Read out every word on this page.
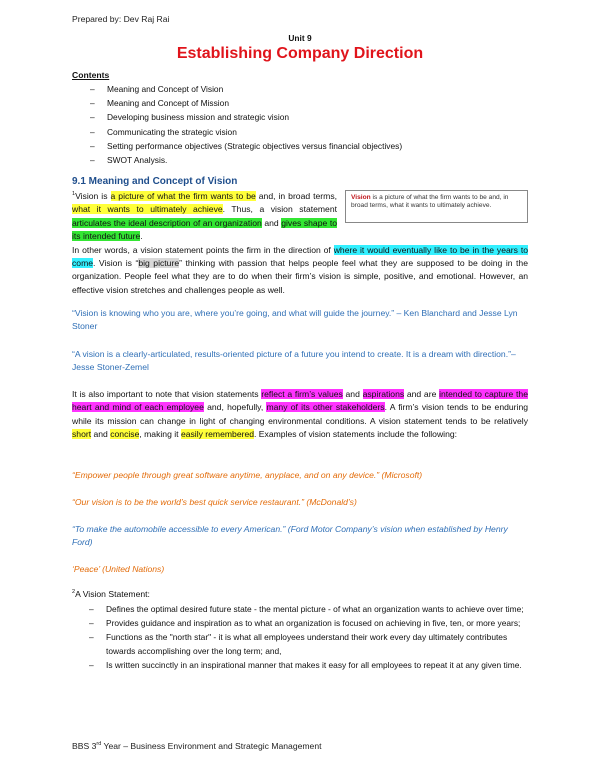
Prepared by: Dev Raj Rai
Unit 9
Establishing Company Direction
Contents
– Meaning and Concept of Vision
– Meaning and Concept of Mission
– Developing business mission and strategic vision
– Communicating the strategic vision
– Setting performance objectives (Strategic objectives versus financial objectives)
– SWOT Analysis.
9.1 Meaning and Concept of Vision
$^1$Vision is a picture of what the firm wants to be and, in broad terms, what it wants to ultimately achieve. Thus, a vision statement articulates the ideal description of an organization and gives shape to its intended future.
In other words, a vision statement points the firm in the direction of where it would eventually like to be in the years to come. Vision is “big picture” thinking with passion that helps people feel what they are supposed to be doing in the organization. People feel what they are to do when their firm’s vision is simple, positive, and emotional. However, an effective vision stretches and challenges people as well.
Vision is a picture of what the firm wants to be and, in broad terms, what it wants to ultimately achieve.
“Vision is knowing who you are, where you’re going, and what will guide the journey.” – Ken Blanchard and Jesse Lyn Stoner
“A vision is a clearly-articulated, results-oriented picture of a future you intend to create. It is a dream with direction.”– Jesse Stoner-Zemel
It is also important to note that vision statements reflect a firm’s values and aspirations and are intended to capture the heart and mind of each employee and, hopefully, many of its other stakeholders. A firm’s vision tends to be enduring while its mission can change in light of changing environmental conditions. A vision statement tends to be relatively short and concise, making it easily remembered. Examples of vision statements include the following:
“Empower people through great software anytime, anyplace, and on any device.” (Microsoft)
“Our vision is to be the world’s best quick service restaurant.” (McDonald’s)
“To make the automobile accessible to every American.” (Ford Motor Company’s vision when established by Henry Ford)
‘Peace’ (United Nations)
$^2$A Vision Statement:
– Defines the optimal desired future state - the mental picture - of what an organization wants to achieve over time;
– Provides guidance and inspiration as to what an organization is focused on achieving in five, ten, or more years;
– Functions as the "north star" - it is what all employees understand their work every day ultimately contributes towards accomplishing over the long term; and,
– Is written succinctly in an inspirational manner that makes it easy for all employees to repeat it at any given time.
BBS 3rd Year – Business Environment and Strategic Management
